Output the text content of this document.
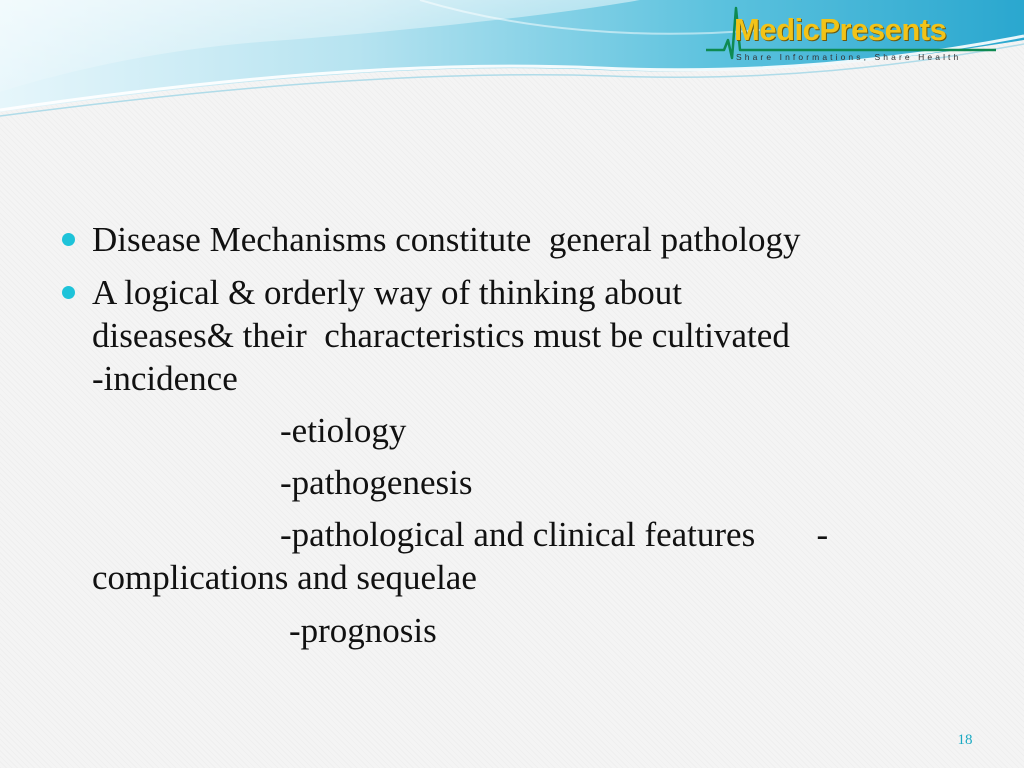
MedicPresents
Share Informations, Share Health
Disease Mechanisms constitute  general pathology
A logical & orderly way of thinking about
diseases& their  characteristics must be cultivated
-incidence
-etiology
-pathogenesis
-pathological and clinical features       -
complications and sequelae
-prognosis
18
